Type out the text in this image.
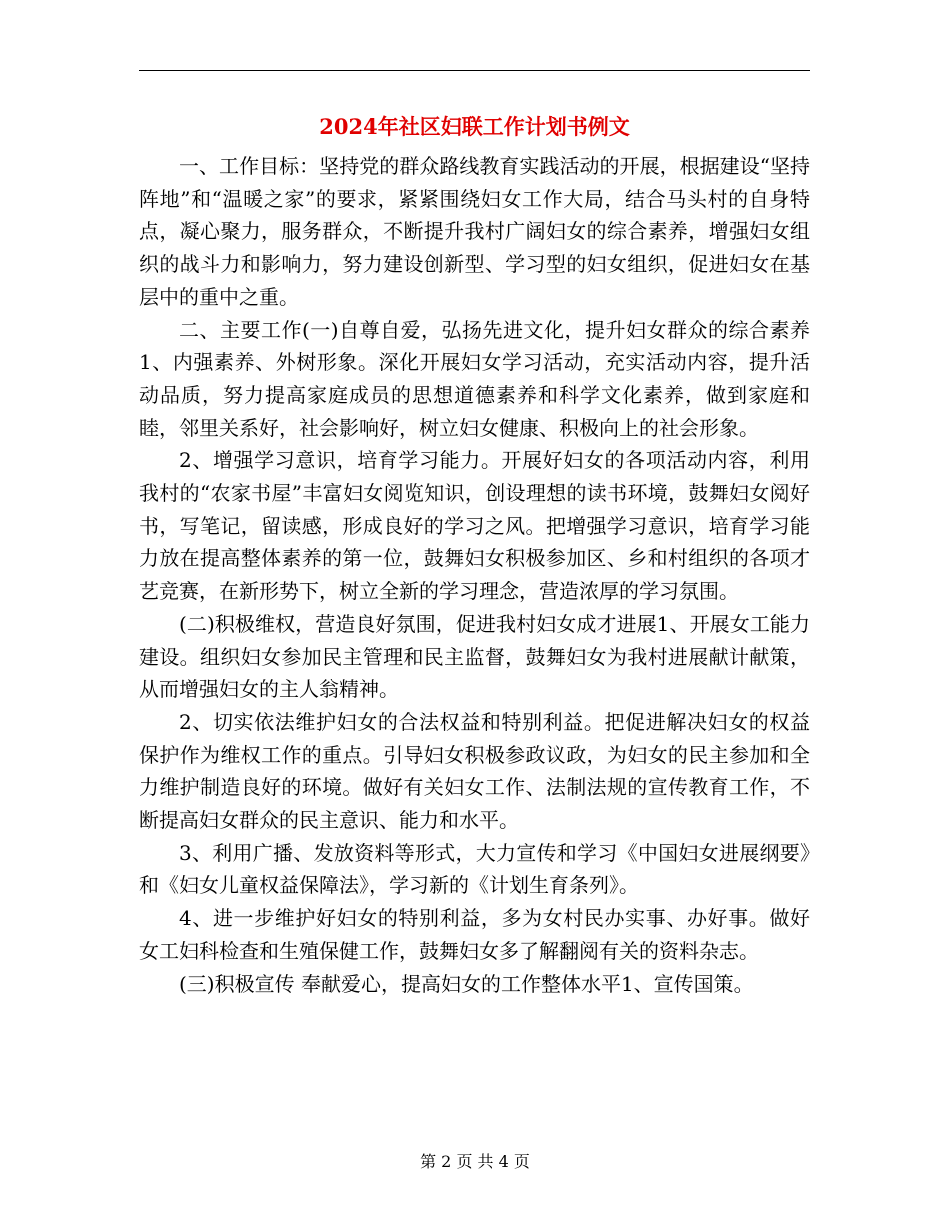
2024年社区妇联工作计划书例文

一、工作目标：坚持党的群众路线教育实践活动的开展，根据建设“坚持阵地”和“温暖之家”的要求，紧紧围绕妇女工作大局，结合马头村的自身特点，凝心聚力，服务群众，不断提升我村广阔妇女的综合素养，增强妇女组织的战斗力和影响力，努力建设创新型、学习型的妇女组织，促进妇女在基层中的重中之重。

二、主要工作(一)自尊自爱，弘扬先进文化，提升妇女群众的综合素养1、内强素养、外树形象。深化开展妇女学习活动，充实活动内容，提升活动品质，努力提高家庭成员的思想道德素养和科学文化素养，做到家庭和睦，邻里关系好，社会影响好，树立妇女健康、积极向上的社会形象。

2、增强学习意识，培育学习能力。开展好妇女的各项活动内容，利用我村的“农家书屋”丰富妇女阅览知识，创设理想的读书环境，鼓舞妇女阅好书，写笔记，留读感，形成良好的学习之风。把增强学习意识，培育学习能力放在提高整体素养的第一位，鼓舞妇女积极参加区、乡和村组织的各项才艺竞赛，在新形势下，树立全新的学习理念，营造浓厚的学习氛围。

(二)积极维权，营造良好氛围，促进我村妇女成才进展1、开展女工能力建设。组织妇女参加民主管理和民主监督，鼓舞妇女为我村进展献计献策，从而增强妇女的主人翁精神。

2、切实依法维护妇女的合法权益和特别利益。把促进解决妇女的权益保护作为维权工作的重点。引导妇女积极参政议政，为妇女的民主参加和全力维护制造良好的环境。做好有关妇女工作、法制法规的宣传教育工作，不断提高妇女群众的民主意识、能力和水平。

3、利用广播、发放资料等形式，大力宣传和学习《中国妇女进展纲要》和《妇女儿童权益保障法》，学习新的《计划生育条列》。

4、进一步维护好妇女的特别利益，多为女村民办实事、办好事。做好女工妇科检查和生殖保健工作，鼓舞妇女多了解翻阅有关的资料杂志。

(三)积极宣传 奉献爱心，提高妇女的工作整体水平1、宣传国策。

第 2 页 共 4 页
